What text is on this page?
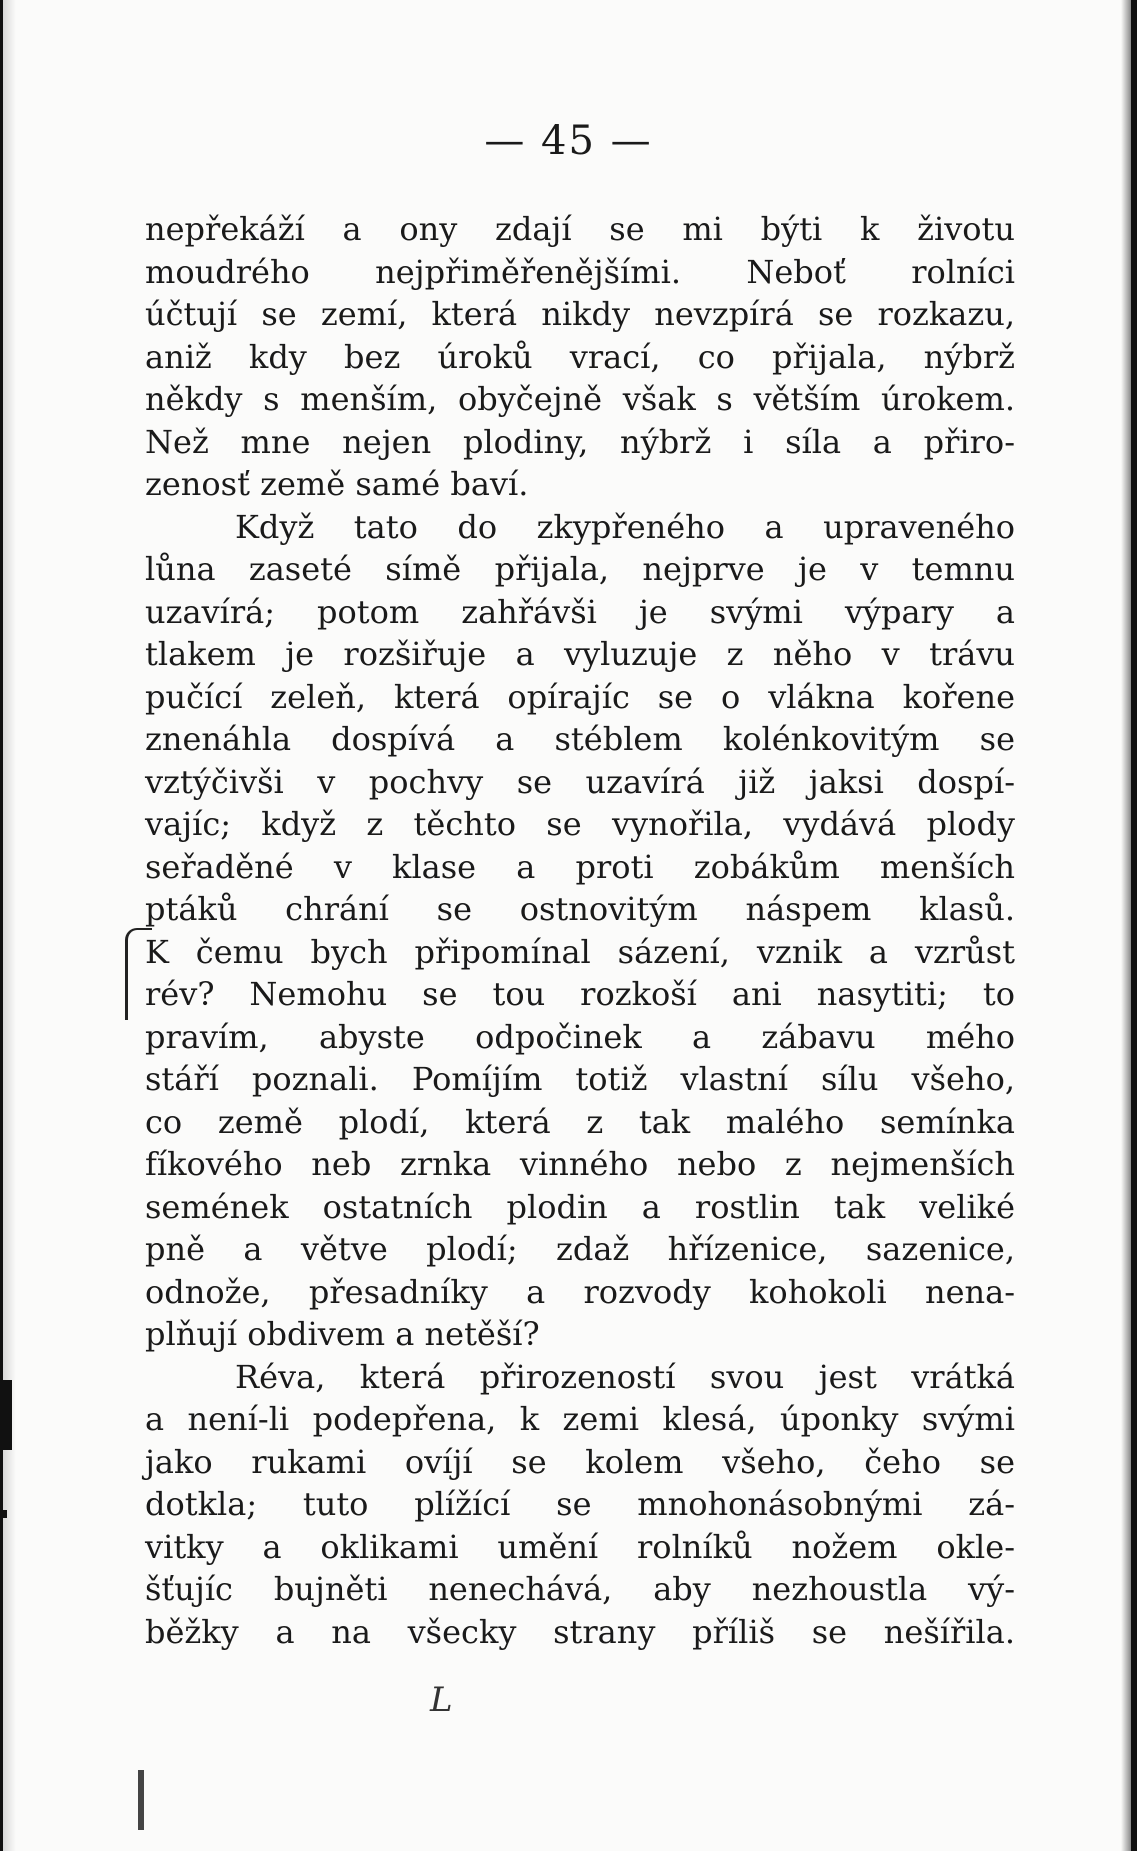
— 45 —
nepřekáží a ony zdají se mi býti k životu
moudrého nejpřiměřenějšími. Neboť rolníci
účtují se zemí, která nikdy nevzpírá se rozkazu,
aniž kdy bez úroků vrací, co přijala, nýbrž
někdy s menším, obyčejně však s větším úrokem.
Než mne nejen plodiny, nýbrž i síla a přiro-
zenosť země samé baví.
Když tato do zkypřeného a upraveného
lůna zaseté símě přijala, nejprve je v temnu
uzavírá; potom zahřávši je svými výpary a
tlakem je rozšiřuje a vyluzuje z něho v trávu
pučící zeleň, která opírajíc se o vlákna kořene
znenáhla dospívá a stéblem kolénkovitým se
vztýčivši v pochvy se uzavírá již jaksi dospí-
vajíc; když z těchto se vynořila, vydává plody
seřaděné v klase a proti zobákům menších
ptáků chrání se ostnovitým náspem klasů.
K čemu bych připomínal sázení, vznik a vzrůst
rév? Nemohu se tou rozkoší ani nasytiti; to
pravím, abyste odpočinek a zábavu mého
stáří poznali. Pomíjím totiž vlastní sílu všeho,
co země plodí, která z tak malého semínka
fíkového neb zrnka vinného nebo z nejmenších
semének ostatních plodin a rostlin tak veliké
pně a větve plodí; zdaž hřízenice, sazenice,
odnože, přesadníky a rozvody kohokoli nena-
plňují obdivem a netěší?
Réva, která přirozeností svou jest vrátká
a není-li podepřena, k zemi klesá, úponky svými
jako rukami ovíjí se kolem všeho, čeho se
dotkla; tuto plížící se mnohonásobnými zá-
vitky a oklikami umění rolníků nožem okle-
šťujíc bujněti nenechává, aby nezhoustla vý-
běžky a na všecky strany příliš se nešířila.
L
